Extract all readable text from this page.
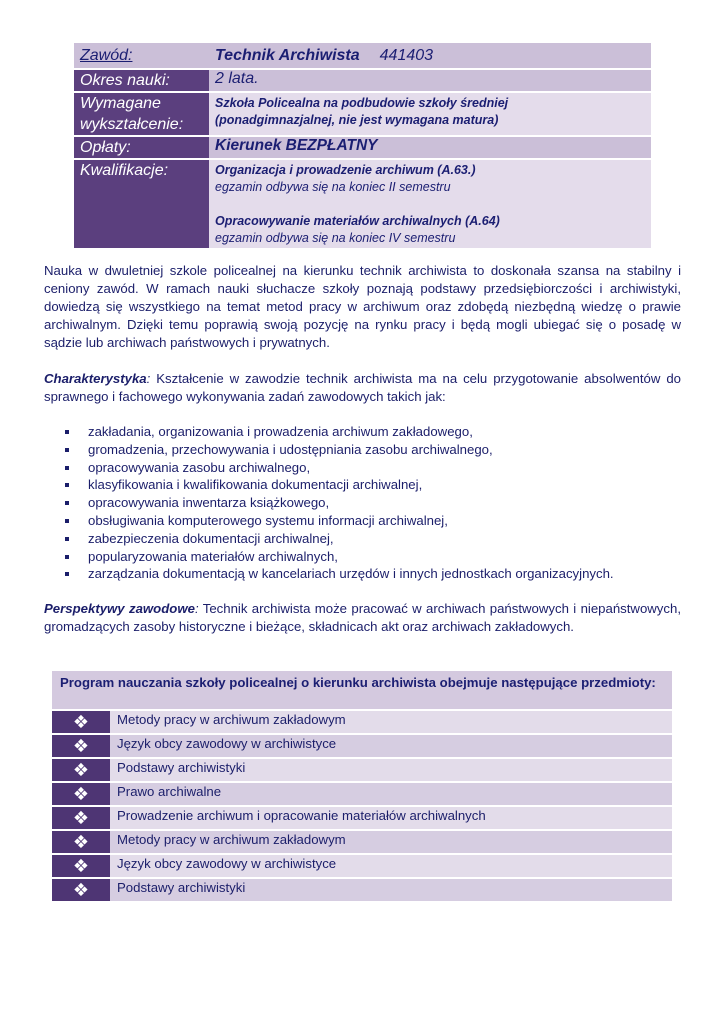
Zawód:	Technik Archiwista 441403
Okres nauki:	2 lata.
Wymagane
wykształcenie:	Szkoła Policealna na podbudowie szkoły średniej
(ponadgimnazjalnej, nie jest wymagana matura)
Opłaty:	Kierunek BEZPŁATNY
Kwalifikacje:	Organizacja i prowadzenie archiwum (A.63.)
egzamin odbywa się na koniec II semestru
Opracowywanie materiałów archiwalnych (A.64)
egzamin odbywa się na koniec IV semestru

Nauka w dwuletniej szkole policealnej na kierunku technik archiwista to doskonała szansa na stabilny i ceniony zawód. W ramach nauki słuchacze szkoły poznają podstawy przedsiębiorczości i archiwistyki, dowiedzą się wszystkiego na temat metod pracy w archiwum oraz zdobędą niezbędną wiedzę o prawie archiwalnym. Dzięki temu poprawią swoją pozycję na rynku pracy i będą mogli ubiegać się o posadę w sądzie lub archiwach państwowych i prywatnych.

Charakterystyka: Kształcenie w zawodzie technik archiwista ma na celu przygotowanie absolwentów do sprawnego i fachowego wykonywania zadań zawodowych takich jak:

zakładania, organizowania i prowadzenia archiwum zakładowego,
gromadzenia, przechowywania i udostępniania zasobu archiwalnego,
opracowywania zasobu archiwalnego,
klasyfikowania i kwalifikowania dokumentacji archiwalnej,
opracowywania inwentarza książkowego,
obsługiwania komputerowego systemu informacji archiwalnej,
zabezpieczenia dokumentacji archiwalnej,
popularyzowania materiałów archiwalnych,
zarządzania dokumentacją w kancelariach urzędów i innych jednostkach organizacyjnych.

Perspektywy zawodowe: Technik archiwista może pracować w archiwach państwowych i niepaństwowych, gromadzących zasoby historyczne i bieżące, składnicach akt oraz archiwach zakładowych.

Program nauczania szkoły policealnej o kierunku archiwista obejmuje następujące przedmioty:	
❖	Metody pracy w archiwum zakładowym
❖	Język obcy zawodowy w archiwistyce
❖	Podstawy archiwistyki
❖	Prawo archiwalne
❖	Prowadzenie archiwum i opracowanie materiałów archiwalnych
❖	Metody pracy w archiwum zakładowym
❖	Język obcy zawodowy w archiwistyce
❖	Podstawy archiwistyki
